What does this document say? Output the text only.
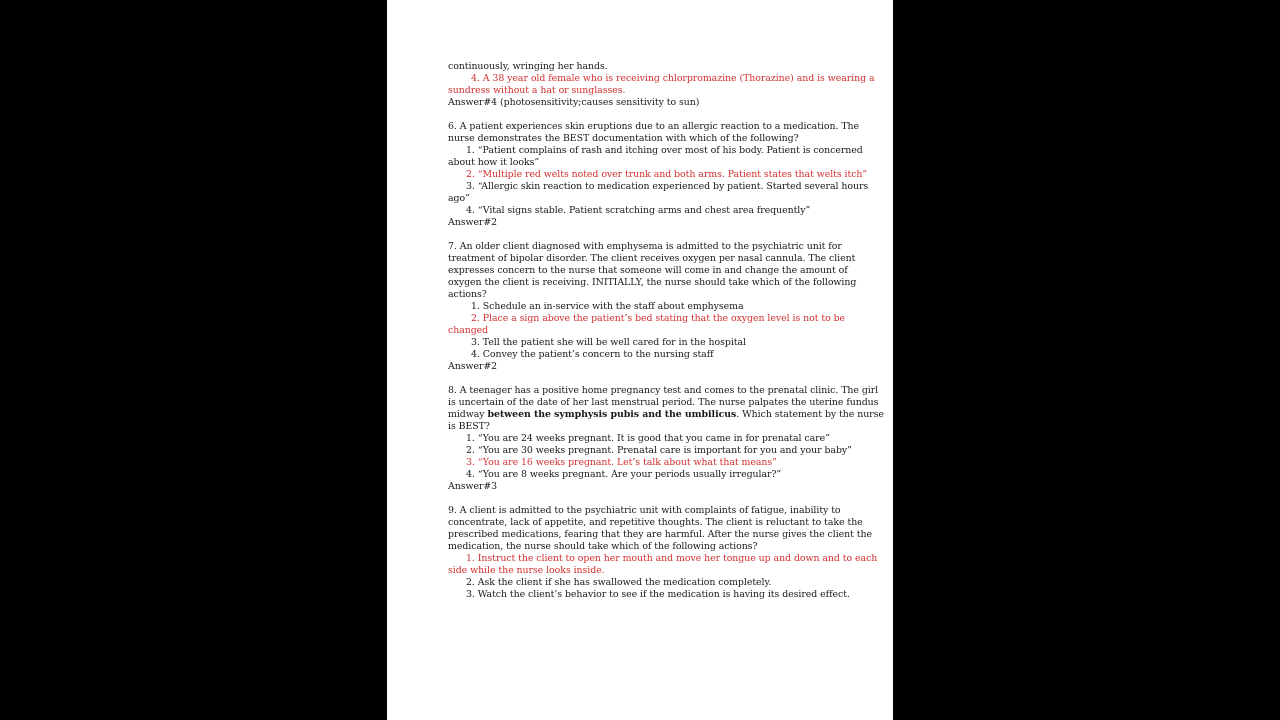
continuously, wringing her hands.
4. A 38 year old female who is receiving chlorpromazine (Thorazine) and is wearing a
sundress without a hat or sunglasses.
Answer#4 (photosensitivity;causes sensitivity to sun)
6. A patient experiences skin eruptions due to an allergic reaction to a medication. The
nurse demonstrates the BEST documentation with which of the following?
1. “Patient complains of rash and itching over most of his body. Patient is concerned
about how it looks”
2. “Multiple red welts noted over trunk and both arms. Patient states that welts itch”
3. “Allergic skin reaction to medication experienced by patient. Started several hours
ago”
4. “Vital signs stable. Patient scratching arms and chest area frequently”
Answer#2
7. An older client diagnosed with emphysema is admitted to the psychiatric unit for
treatment of bipolar disorder. The client receives oxygen per nasal cannula. The client
expresses concern to the nurse that someone will come in and change the amount of
oxygen the client is receiving. INITIALLY, the nurse should take which of the following
actions?
1. Schedule an in-service with the staff about emphysema
2. Place a sign above the patient’s bed stating that the oxygen level is not to be
changed
3. Tell the patient she will be well cared for in the hospital
4. Convey the patient’s concern to the nursing staff
Answer#2
8. A teenager has a positive home pregnancy test and comes to the prenatal clinic. The girl
is uncertain of the date of her last menstrual period. The nurse palpates the uterine fundus
midway between the symphysis pubis and the umbilicus. Which statement by the nurse
is BEST?
1. “You are 24 weeks pregnant. It is good that you came in for prenatal care”
2. “You are 30 weeks pregnant. Prenatal care is important for you and your baby”
3. “You are 16 weeks pregnant. Let’s talk about what that means”
4. “You are 8 weeks pregnant. Are your periods usually irregular?”
Answer#3
9. A client is admitted to the psychiatric unit with complaints of fatigue, inability to
concentrate, lack of appetite, and repetitive thoughts. The client is reluctant to take the
prescribed medications, fearing that they are harmful. After the nurse gives the client the
medication, the nurse should take which of the following actions?
1. Instruct the client to open her mouth and move her tongue up and down and to each
side while the nurse looks inside.
2. Ask the client if she has swallowed the medication completely.
3. Watch the client’s behavior to see if the medication is having its desired effect.
